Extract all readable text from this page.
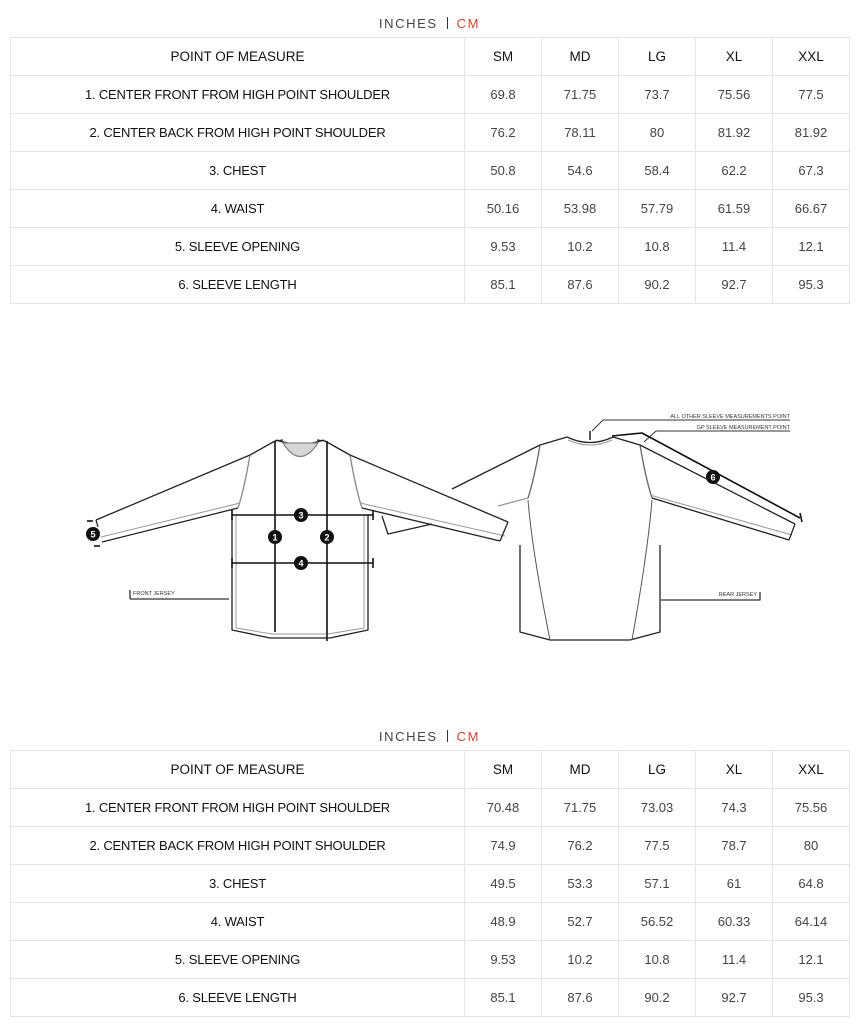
INCHES CM
POINT OF MEASURE	SM	MD	LG	XL	XXL
1. CENTER FRONT FROM HIGH POINT SHOULDER	69.8	71.75	73.7	75.56	77.5
2. CENTER BACK FROM HIGH POINT SHOULDER	76.2	78.11	80	81.92	81.92
3. CHEST	50.8	54.6	58.4	62.2	67.3
4. WAIST	50.16	53.98	57.79	61.59	66.67
5. SLEEVE OPENING	9.53	10.2	10.8	11.4	12.1
6. SLEEVE LENGTH	85.1	87.6	90.2	92.7	95.3
FRONT JERSEY
ALL OTHER SLEEVE MEASUREMENTS POINT
GP SLEEVE MEASUREMENT POINT
REAR JERSEY
1	2
3
4
5
6
INCHES CM
POINT OF MEASURE	SM	MD	LG	XL	XXL
1. CENTER FRONT FROM HIGH POINT SHOULDER	70.48	71.75	73.03	74.3	75.56
2. CENTER BACK FROM HIGH POINT SHOULDER	74.9	76.2	77.5	78.7	80
3. CHEST	49.5	53.3	57.1	61	64.8
4. WAIST	48.9	52.7	56.52	60.33	64.14
5. SLEEVE OPENING	9.53	10.2	10.8	11.4	12.1
6. SLEEVE LENGTH	85.1	87.6	90.2	92.7	95.3
